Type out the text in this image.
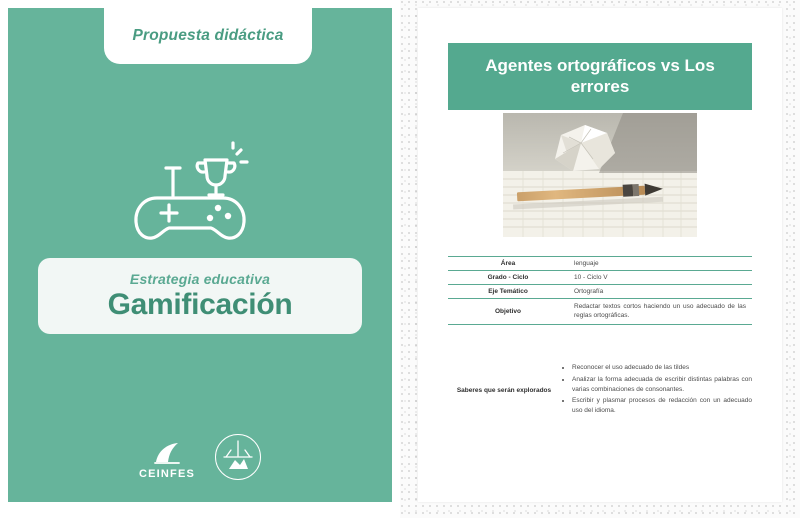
Propuesta didáctica
Estrategia educativa
Gamificación
CEINFES
Agentes ortográficos vs Los errores
Área	lenguaje
Grado - Ciclo	10 - Ciclo V
Eje Temático	Ortografía
Objetivo	Redactar textos cortos haciendo un uso adecuado de las reglas ortográficas.
Saberes que serán explorados
• Reconocer el uso adecuado de las tildes
• Analizar la forma adecuada de escribir distintas palabras con varias combinaciones de consonantes.
• Escribir y plasmar procesos de redacción con un adecuado uso del idioma.
